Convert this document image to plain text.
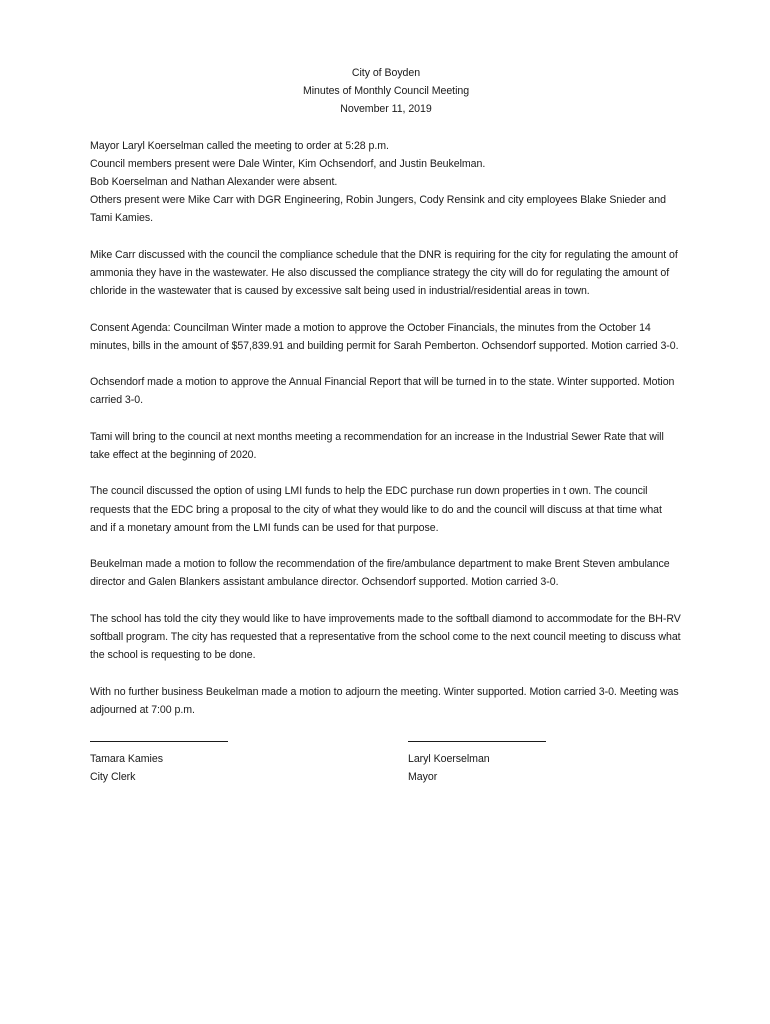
City of Boyden
Minutes of Monthly Council Meeting
November 11, 2019

Mayor Laryl Koerselman called the meeting to order at 5:28 p.m.

Council members present were Dale Winter, Kim Ochsendorf, and Justin Beukelman.

Bob Koerselman and Nathan Alexander were absent.

Others present were Mike Carr with DGR Engineering, Robin Jungers, Cody Rensink and city employees Blake Snieder and Tami Kamies.

Mike Carr discussed with the council the compliance schedule that the DNR is requiring for the city for regulating the amount of ammonia they have in the wastewater. He also discussed the compliance strategy the city will do for regulating the amount of chloride in the wastewater that is caused by excessive salt being used in industrial/residential areas in town.

Consent Agenda: Councilman Winter made a motion to approve the October Financials, the minutes from the October 14 minutes, bills in the amount of $57,839.91 and building permit for Sarah Pemberton. Ochsendorf supported. Motion carried 3-0.

Ochsendorf made a motion to approve the Annual Financial Report that will be turned in to the state. Winter supported. Motion carried 3-0.

Tami will bring to the council at next months meeting a recommendation for an increase in the Industrial Sewer Rate that will take effect at the beginning of 2020.

The council discussed the option of using LMI funds to help the EDC purchase run down properties in t own. The council requests that the EDC bring a proposal to the city of what they would like to do and the council will discuss at that time what and if a monetary amount from the LMI funds can be used for that purpose.

Beukelman made a motion to follow the recommendation of the fire/ambulance department to make Brent Steven ambulance director and Galen Blankers assistant ambulance director. Ochsendorf supported. Motion carried 3-0.

The school has told the city they would like to have improvements made to the softball diamond to accommodate for the BH-RV softball program. The city has requested that a representative from the school come to the next council meeting to discuss what the school is requesting to be done.

With no further business Beukelman made a motion to adjourn the meeting. Winter supported. Motion carried 3-0. Meeting was adjourned at 7:00 p.m.

Tamara Kamies
City Clerk
Laryl Koerselman
Mayor
